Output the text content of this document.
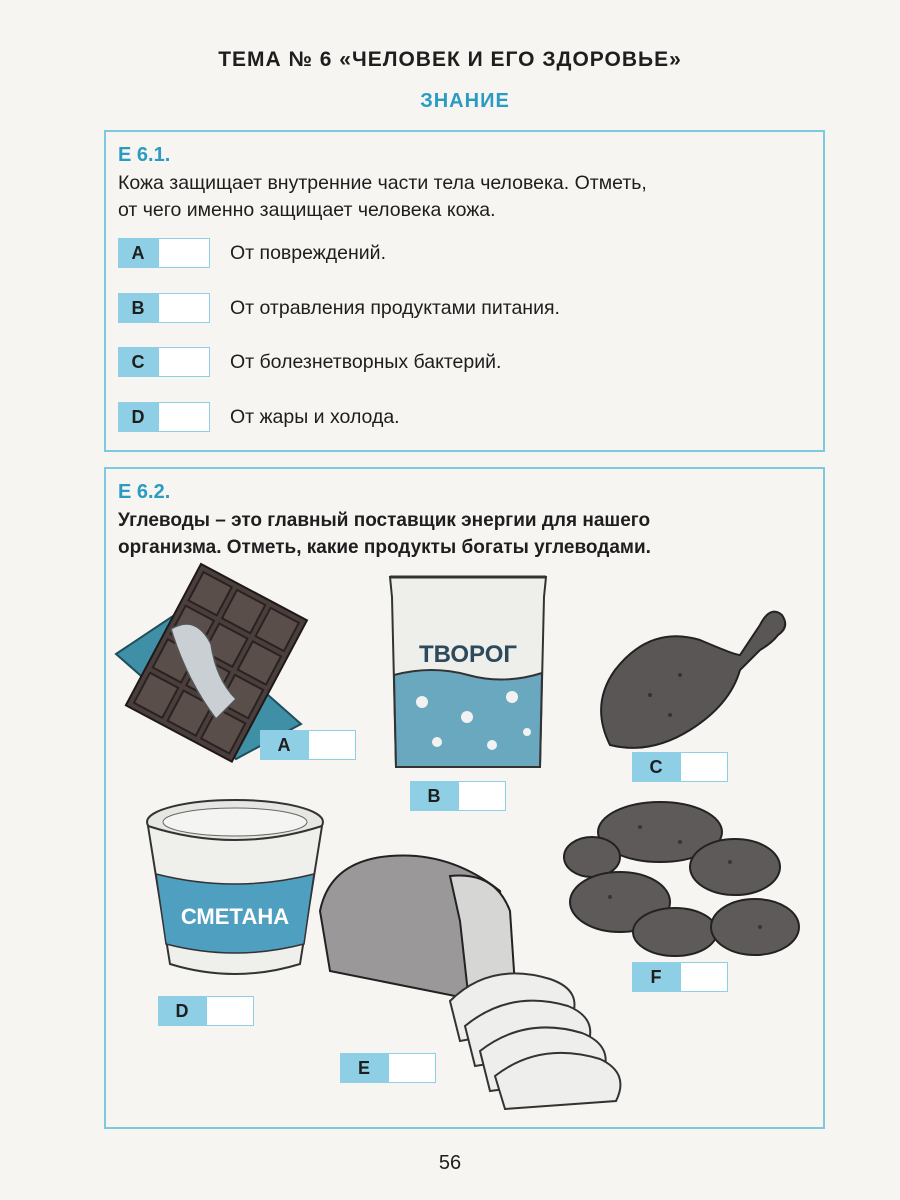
ТЕМА № 6 «ЧЕЛОВЕК И ЕГО ЗДОРОВЬЕ»
ЗНАНИЕ
Е 6.1.
Кожа защищает внутренние части тела человека. Отметь,
от чего именно защищает человека кожа.
A	От повреждений.
B	От отравления продуктами питания.
C	От болезнетворных бактерий.
D	От жары и холода.
Е 6.2.
Углеводы – это главный поставщик энергии для нашего
организма. Отметь, какие продукты богаты углеводами.
A
ТВОРОГ
B
C
СМЕТАНА
D
E
F
56
